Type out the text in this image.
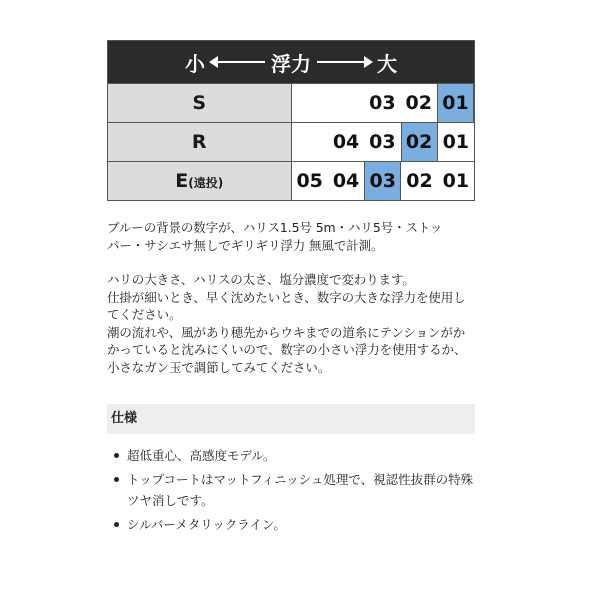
小 浮力 大	

S	03 02 01

R	04 03 02 01

E(遠投)	05 04 03 02 01

ブルーの背景の数字が、ハリス1.5号 5m・ハリ5号・ストッ

パー・サシエサ無しでギリギリ浮力 無風で計測。

ハリの大きさ、ハリスの太さ、塩分濃度で変わります。

仕掛が細いとき、早く沈めたいとき、数字の大きな浮力を使用し

てください。

潮の流れや、風があり穂先からウキまでの道糸にテンションがか

かっていると沈みにくいので、数字の小さい浮力を使用するか、

小さなガン玉で調節してみてください。

仕様
超低重心、高感度モデル。
トップコートはマットフィニッシュ処理で、視認性抜群の特殊
ツヤ消しです。
シルバーメタリックライン。
